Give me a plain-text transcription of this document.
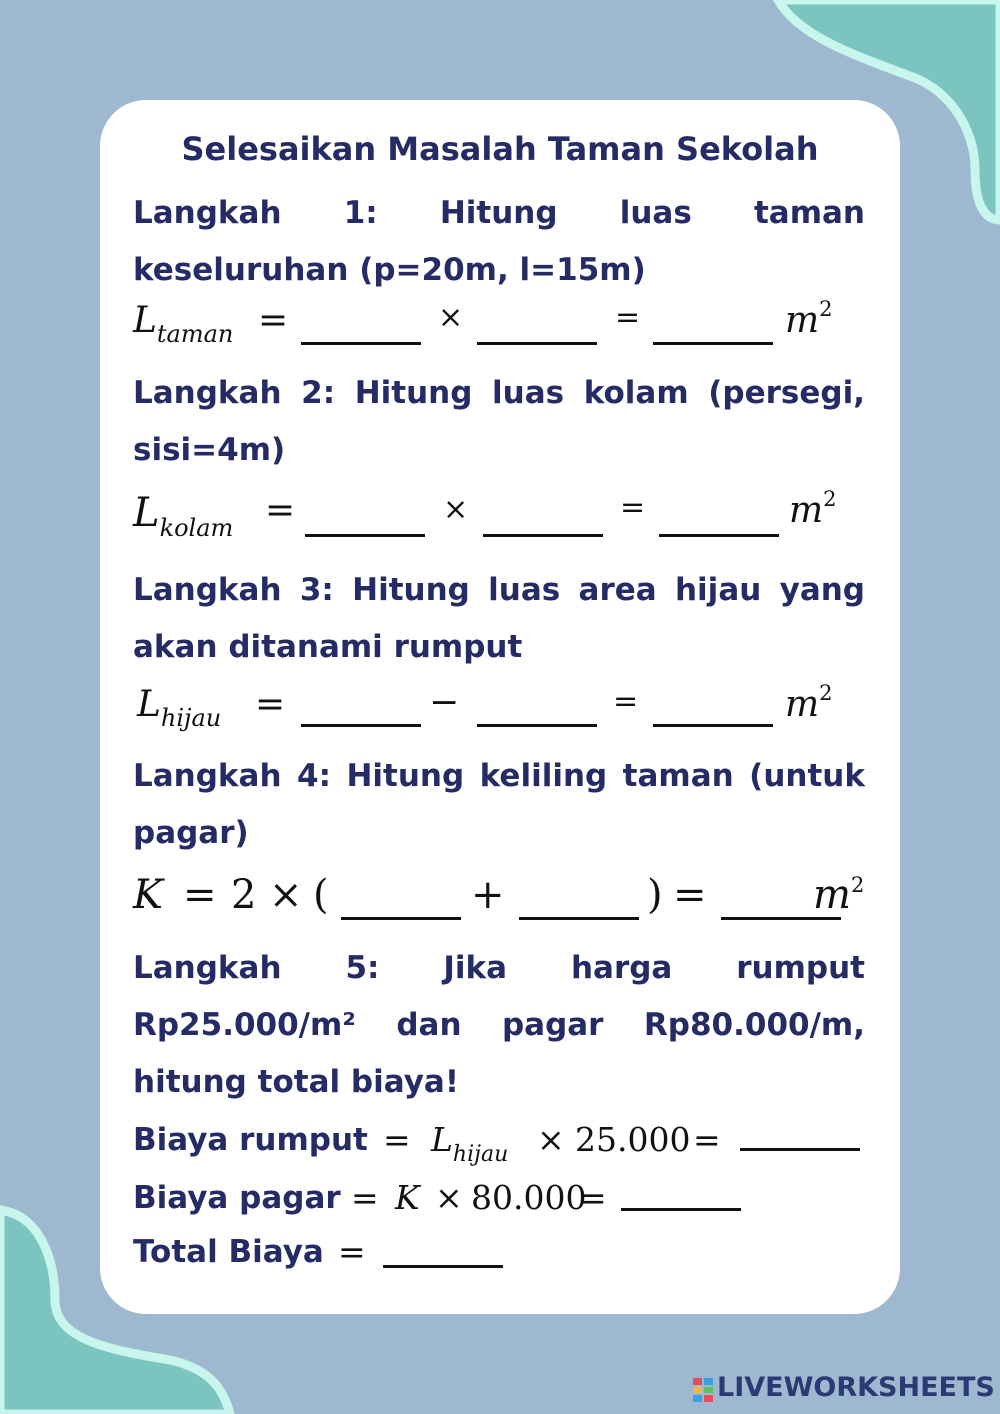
Selesaikan Masalah Taman Sekolah

Langkah 1: Hitung luas taman keseluruhan (p=20m, l=15m)

$L_{taman}$ =	×	=	$m^2$

Langkah 2: Hitung luas kolam (persegi, sisi=4m)

$L_{kolam}$ =	×	=	$m^2$

Langkah 3: Hitung luas area hijau yang akan ditanami rumput

$L_{hijau}$ =	−	=	$m^2$

Langkah 4: Hitung keliling taman (untuk pagar)

K = 2 × (	+	) =	$m^2$

Langkah 5: Jika harga rumput Rp25.000/m² dan pagar Rp80.000/m, hitung total biaya!

Biaya rumput = $L_{hijau} \times 25.000$ =
Biaya pagar = K × 80.000
=
Total Biaya =
LIVEWORKSHEETS
